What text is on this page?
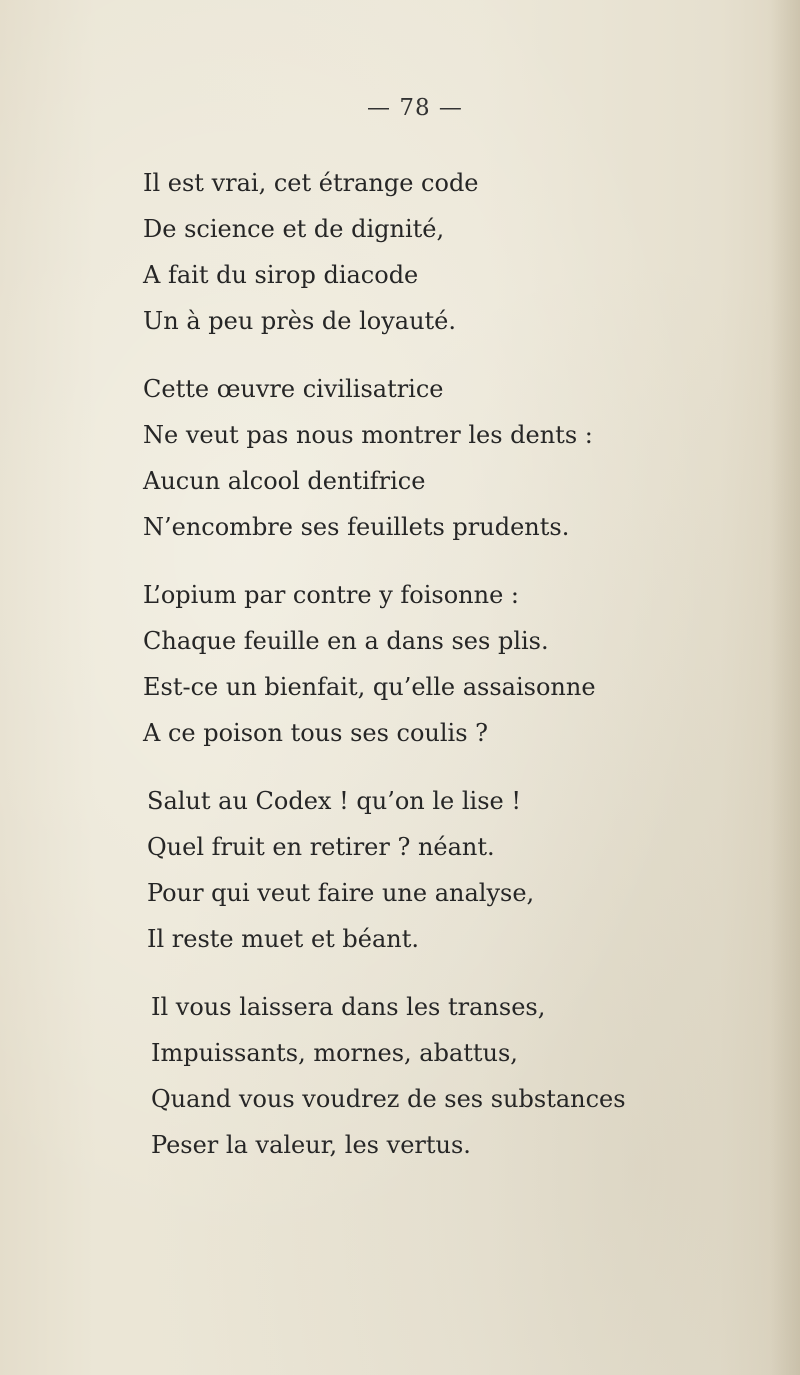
— 78 —
Il est vrai, cet étrange code
De science et de dignité,
A fait du sirop diacode
Un à peu près de loyauté.
Cette œuvre civilisatrice
Ne veut pas nous montrer les dents :
Aucun alcool dentifrice
N’encombre ses feuillets prudents.
L’opium par contre y foisonne :
Chaque feuille en a dans ses plis.
Est-ce un bienfait, qu’elle assaisonne
A ce poison tous ses coulis ?
Salut au Codex ! qu’on le lise !
Quel fruit en retirer ? néant.
Pour qui veut faire une analyse,
Il reste muet et béant.
Il vous laissera dans les transes,
Impuissants, mornes, abattus,
Quand vous voudrez de ses substances
Peser la valeur, les vertus.
